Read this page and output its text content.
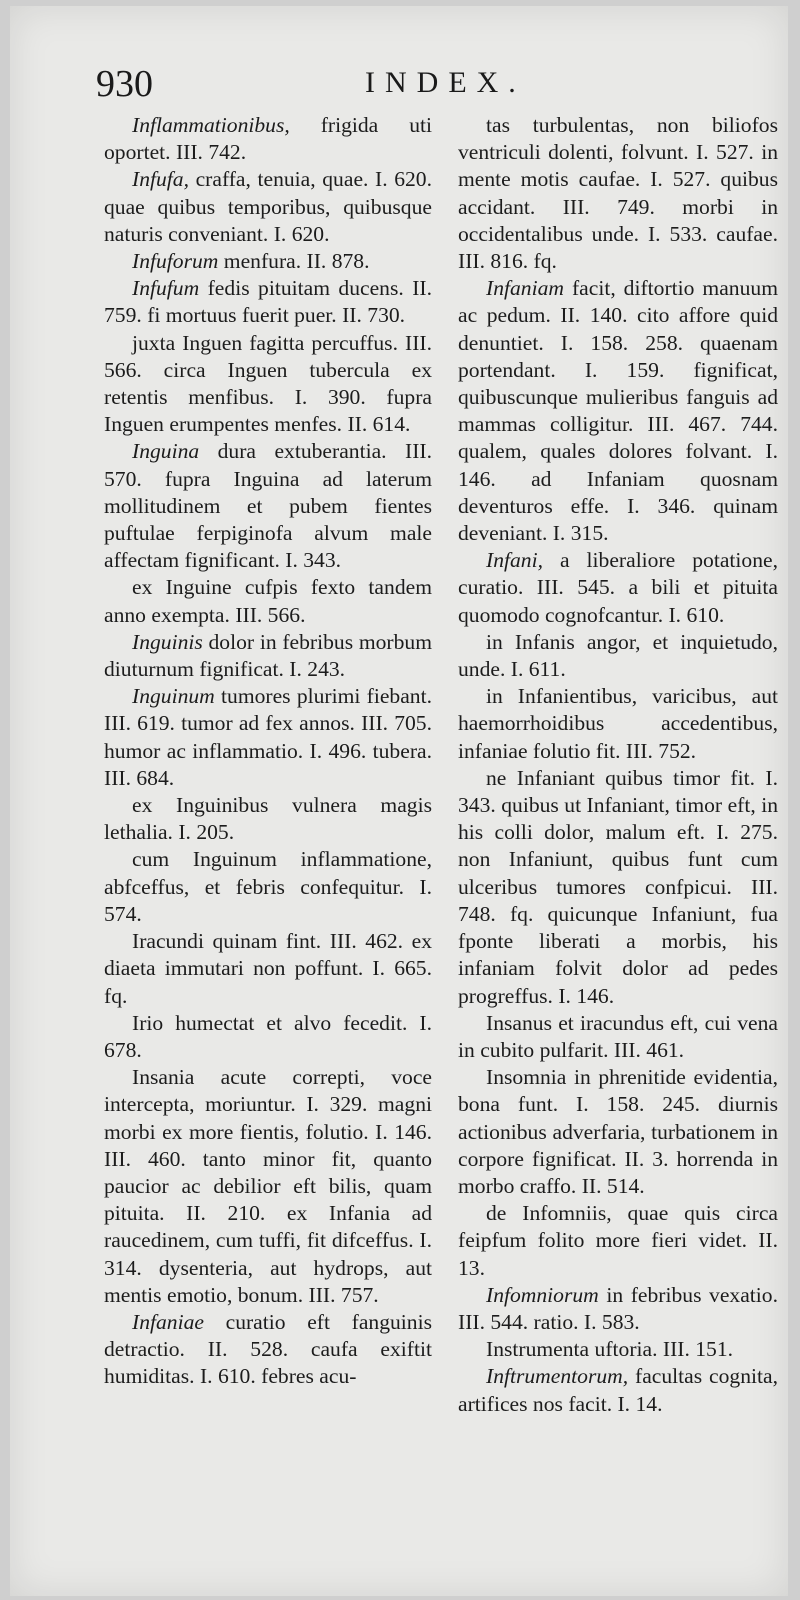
930	INDEX.

Inflammationibus, frigida uti oportet. III. 742.

Infufa, craffa, tenuia, quae. I. 620. quae quibus temporibus, quibusque naturis conveniant. I. 620.

Infuforum menfura. II. 878.

Infufum fedis pituitam ducens. II. 759. fi mortuus fuerit puer. II. 730.

juxta Inguen fagitta percuffus. III. 566. circa Inguen tubercula ex retentis menfibus. I. 390. fupra Inguen erumpentes menfes. II. 614.

Inguina dura extuberantia. III. 570. fupra Inguina ad laterum mollitudinem et pubem fientes puftulae ferpiginofa alvum male affectam fignificant. I. 343.

ex Inguine cufpis fexto tandem anno exempta. III. 566.

Inguinis dolor in febribus morbum diuturnum fignificat. I. 243.

Inguinum tumores plurimi fiebant. III. 619. tumor ad fex annos. III. 705. humor ac inflammatio. I. 496. tubera. III. 684.

ex Inguinibus vulnera magis lethalia. I. 205.

cum Inguinum inflammatione, abfceffus, et febris confequitur. I. 574.

Iracundi quinam fint. III. 462. ex diaeta immutari non poffunt. I. 665. fq.

Irio humectat et alvo fecedit. I. 678.

Insania acute correpti, voce intercepta, moriuntur. I. 329. magni morbi ex more fientis, folutio. I. 146. III. 460. tanto minor fit, quanto paucior ac debilior eft bilis, quam pituita. II. 210. ex Infania ad raucedinem, cum tuffi, fit difceffus. I. 314. dysenteria, aut hydrops, aut mentis emotio, bonum. III. 757.

Infaniae curatio eft fanguinis detractio. II. 528. caufa exiftit humiditas. I. 610. febres acu-

tas turbulentas, non biliofos ventriculi dolenti, folvunt. I. 527. in mente motis caufae. I. 527. quibus accidant. III. 749. morbi in occidentalibus unde. I. 533. caufae. III. 816. fq.

Infaniam facit, diftortio manuum ac pedum. II. 140. cito affore quid denuntiet. I. 158. 258. quaenam portendant. I. 159. fignificat, quibuscunque mulieribus fanguis ad mammas colligitur. III. 467. 744. qualem, quales dolores folvant. I. 146. ad Infaniam quosnam deventuros effe. I. 346. quinam deveniant. I. 315.

Infani, a liberaliore potatione, curatio. III. 545. a bili et pituita quomodo cognofcantur. I. 610.

in Infanis angor, et inquietudo, unde. I. 611.

in Infanientibus, varicibus, aut haemorrhoidibus accedentibus, infaniae folutio fit. III. 752.

ne Infaniant quibus timor fit. I. 343. quibus ut Infaniant, timor eft, in his colli dolor, malum eft. I. 275. non Infaniunt, quibus funt cum ulceribus tumores confpicui. III. 748. fq. quicunque Infaniunt, fua fponte liberati a morbis, his infaniam folvit dolor ad pedes progreffus. I. 146.

Insanus et iracundus eft, cui vena in cubito pulfarit. III. 461.

Insomnia in phrenitide evidentia, bona funt. I. 158. 245. diurnis actionibus adverfaria, turbationem in corpore fignificat. II. 3. horrenda in morbo craffo. II. 514.

de Infomniis, quae quis circa feipfum folito more fieri videt. II. 13.

Infomniorum in febribus vexatio. III. 544. ratio. I. 583.

Instrumenta uftoria. III. 151.

Inftrumentorum, facultas cognita, artifices nos facit. I. 14.
